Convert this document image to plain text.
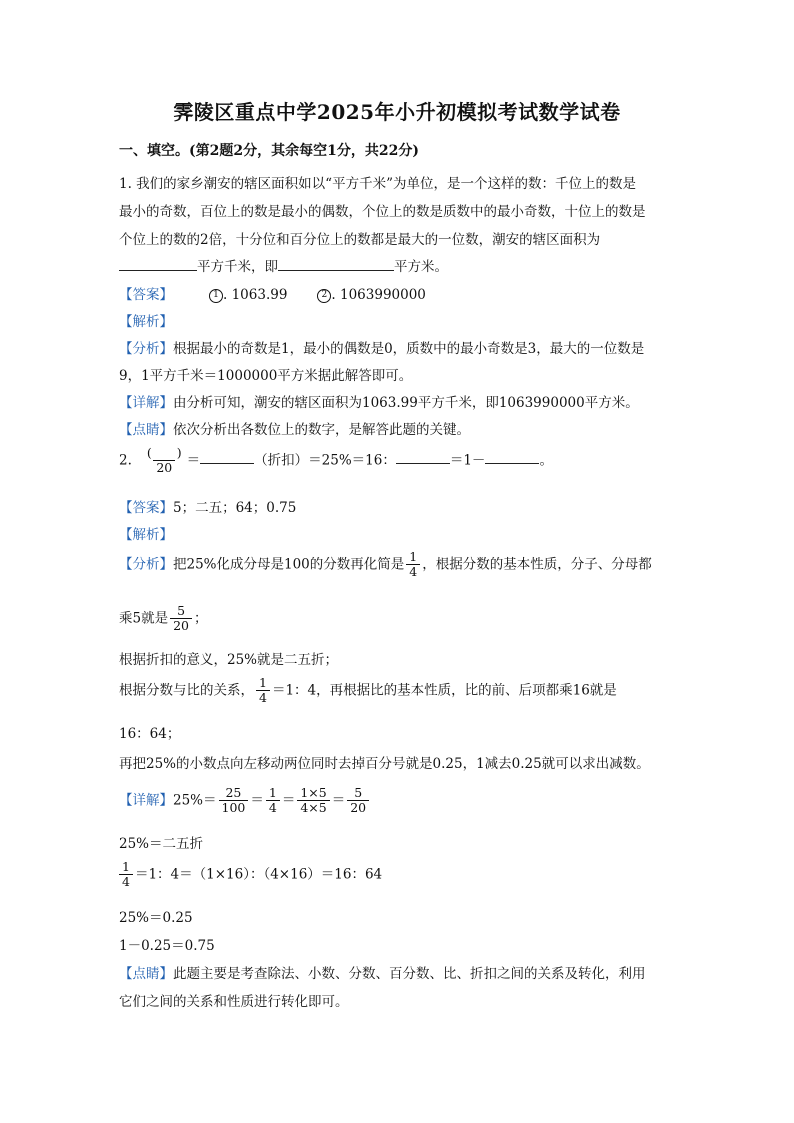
霁陵区重点中学2025年小升初模拟考试数学试卷
一、填空。(第2题2分，其余每空1分，共22分)
1. 我们的家乡潮安的辖区面积如以“平方千米”为单位，是一个这样的数：千位上的数是
最小的奇数，百位上的数是最小的偶数，个位上的数是质数中的最小奇数，十位上的数是
个位上的数的2倍，十分位和百分位上的数都是最大的一位数，潮安的辖区面积为
平方千米，即	平方米。
【答案】	1 . 1063.99	2 . 1063990000
【解析】
【分析】根据最小的奇数是1，最小的偶数是0，质数中的最小奇数是3，最大的一位数是
9，1平方千米＝1000000平方米据此解答即可。
【详解】由分析可知，潮安的辖区面积为1063.99平方千米，即1063990000平方米。
【点睛】依次分析出各数位上的数字，是解答此题的关键。
2. $\frac{( )}{20}$ ＝	（折扣）＝25%＝16：	＝1－	。
【答案】5；二五；64；0.75
【解析】
【分析】把25%化成分母是100的分数再化简是 $\frac{1}{4}$ ，根据分数的基本性质，分子、分母都
乘5就是 $\frac{5}{20}$ ；
根据折扣的意义，25%就是二五折；
根据分数与比的关系， $\frac{1}{4} =1$：4，再根据比的基本性质，比的前、后项都乘16就是
16：64；
再把25%的小数点向左移动两位同时去掉百分号就是0.25，1减去0.25就可以求出减数。
【详解】$25\%= \frac{25}{100} = \frac{1}{4} = \frac{1\times 5}{4\times 5} = \frac{5}{20}$
25%＝二五折
$\frac{1}{4} =1$：4＝（1×16）：（4×16）＝16：64
25%＝0.25
1－0.25＝0.75
【点睛】此题主要是考查除法、小数、分数、百分数、比、折扣之间的关系及转化，利用
它们之间的关系和性质进行转化即可。
